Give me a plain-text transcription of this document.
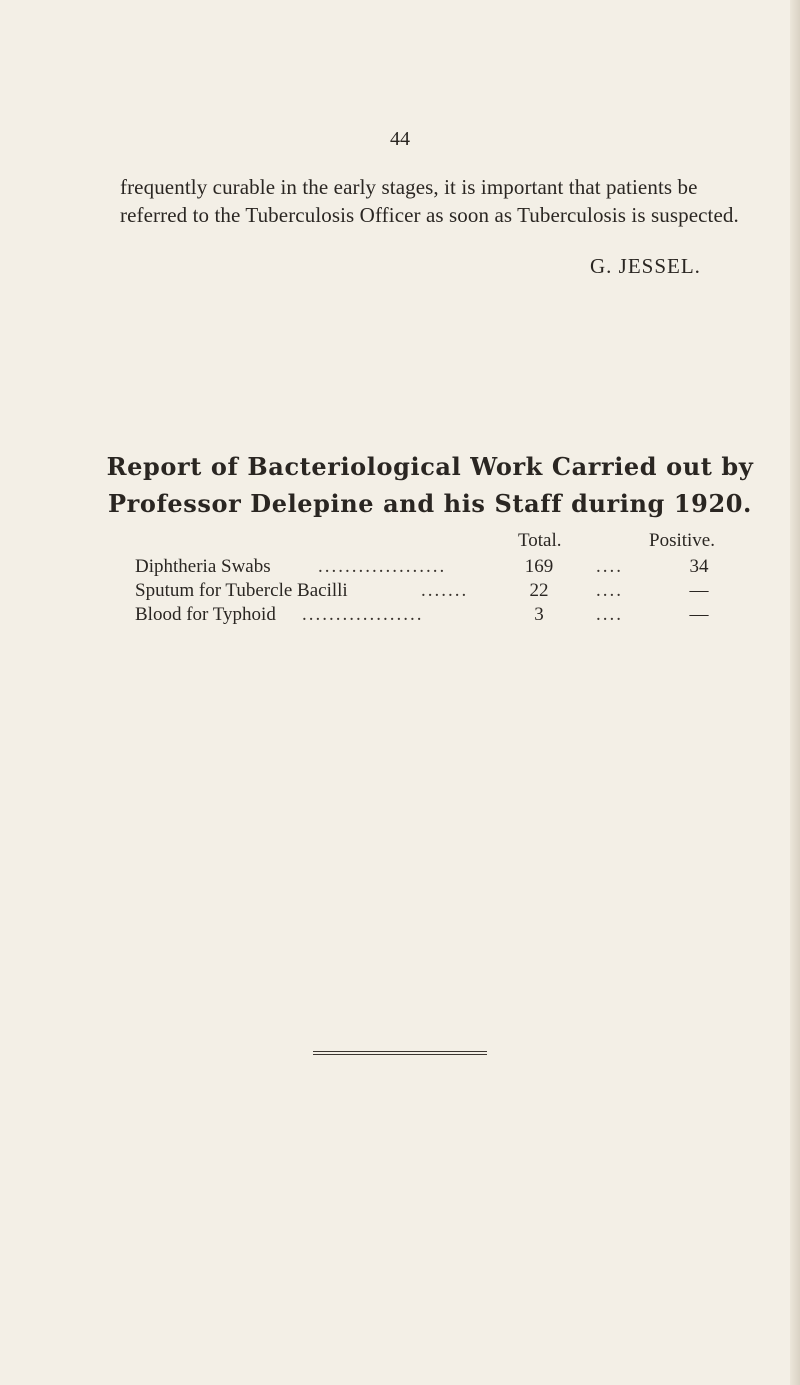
44
frequently curable in the early stages, it is important that patients be
referred to the Tuberculosis Officer as soon as Tuberculosis is suspected.
G. JESSEL.
Report of Bacteriological Work Carried out by
Professor Delepine and his Staff during 1920.
Total.	Positive.
Diphtheria Swabs ...................	169	....	34
Sputum for Tubercle Bacilli	.......	22	....	—
Blood for Typhoid ..................	3	....	—
